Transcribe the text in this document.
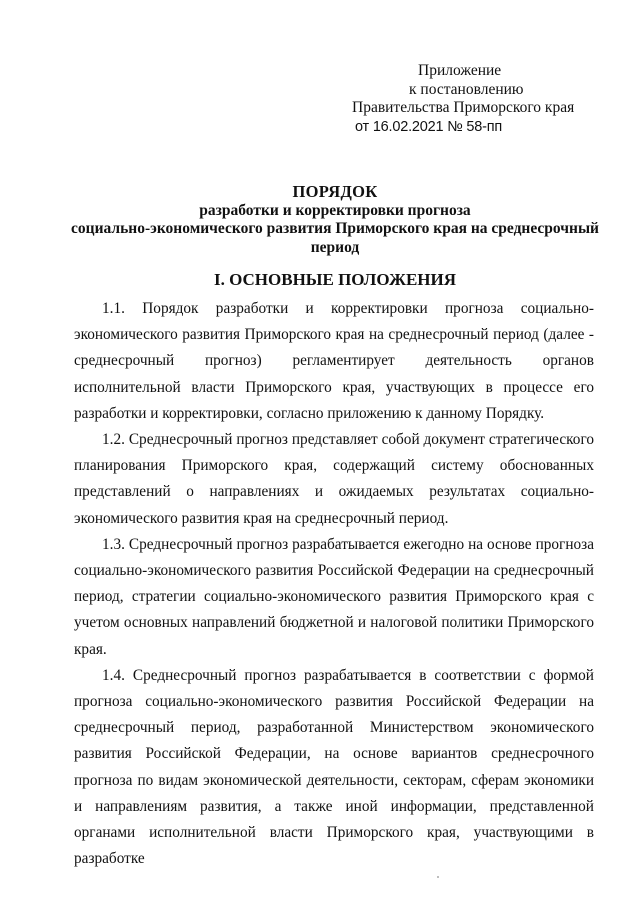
Приложение
к постановлению
Правительства Приморского края
от 16.02.2021 № 58-пп
ПОРЯДОК
разработки и корректировки прогноза
социально-экономического развития Приморского края на среднесрочный
период
I. ОСНОВНЫЕ ПОЛОЖЕНИЯ

1.1. Порядок разработки и корректировки прогноза социально-экономического развития Приморского края на среднесрочный период (далее - среднесрочный прогноз) регламентирует деятельность органов исполнительной власти Приморского края, участвующих в процессе его разработки и корректировки, согласно приложению к данному Порядку.

1.2. Среднесрочный прогноз представляет собой документ стратегического планирования Приморского края, содержащий систему обоснованных представлений о направлениях и ожидаемых результатах социально-экономического развития края на среднесрочный период.

1.3. Среднесрочный прогноз разрабатывается ежегодно на основе прогноза социально-экономического развития Российской Федерации на среднесрочный период, стратегии социально-экономического развития Приморского края с учетом основных направлений бюджетной и налоговой политики Приморского края.

1.4. Среднесрочный прогноз разрабатывается в соответствии с формой прогноза социально-экономического развития Российской Федерации на среднесрочный период, разработанной Министерством экономического развития Российской Федерации, на основе вариантов среднесрочного прогноза по видам экономической деятельности, секторам, сферам экономики и направлениям развития, а также иной информации, представленной органами исполнительной власти Приморского края, участвующими в разработке
